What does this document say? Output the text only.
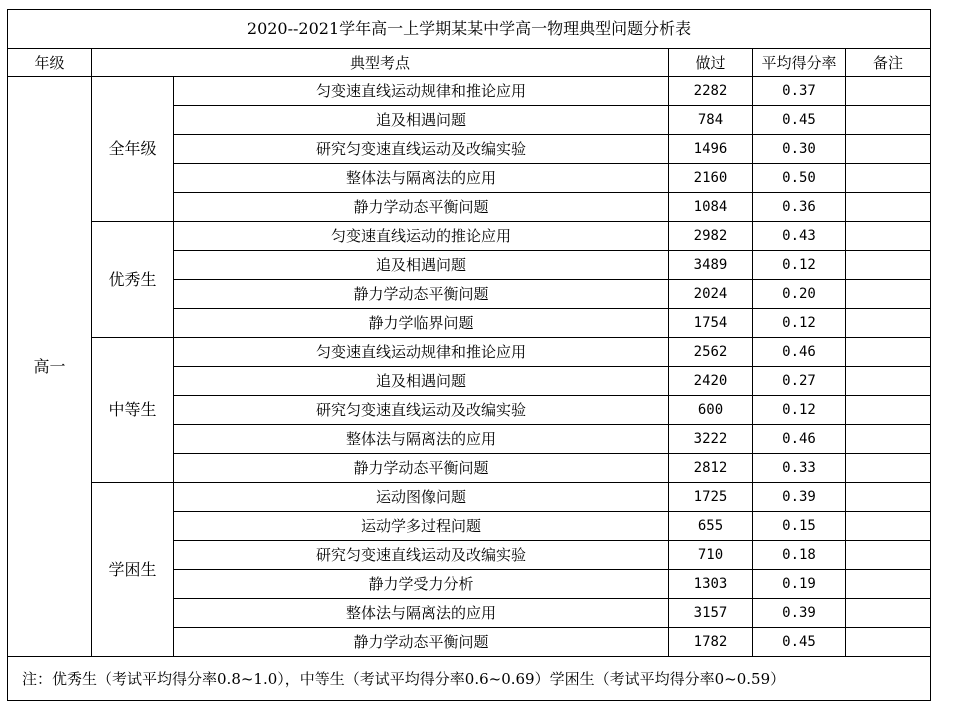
2020--2021学年高一上学期某某中学高一物理典型问题分析表					
年级	典型考点		做过	平均得分率	备注
高一	全年级	匀变速直线运动规律和推论应用	2282	0.37	
		追及相遇问题	784	0.45	
		研究匀变速直线运动及改编实验	1496	0.30	
		整体法与隔离法的应用	2160	0.50	
		静力学动态平衡问题	1084	0.36	
	优秀生	匀变速直线运动的推论应用	2982	0.43	
		追及相遇问题	3489	0.12	
		静力学动态平衡问题	2024	0.20	
		静力学临界问题	1754	0.12	
	中等生	匀变速直线运动规律和推论应用	2562	0.46	
		追及相遇问题	2420	0.27	
		研究匀变速直线运动及改编实验	600	0.12	
		整体法与隔离法的应用	3222	0.46	
		静力学动态平衡问题	2812	0.33	
	学困生	运动图像问题	1725	0.39	
		运动学多过程问题	655	0.15	
		研究匀变速直线运动及改编实验	710	0.18	
		静力学受力分析	1303	0.19	
		整体法与隔离法的应用	3157	0.39	
		静力学动态平衡问题	1782	0.45	
注：优秀生（考试平均得分率0.8~1.0），中等生（考试平均得分率0.6~0.69）学困生（考试平均得分率0~0.59）					
